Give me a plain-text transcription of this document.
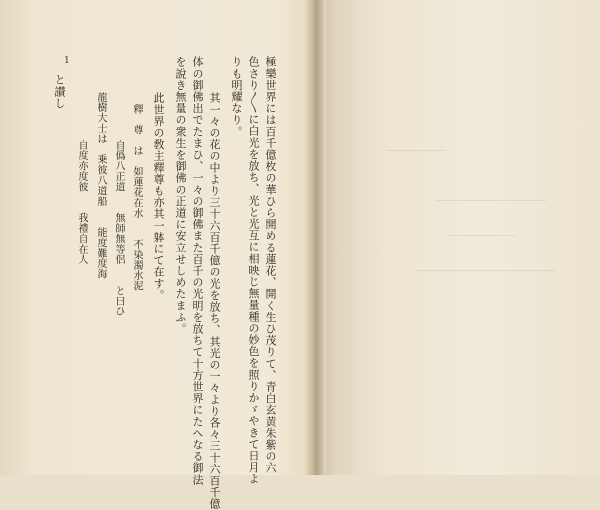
極樂世界には百千億枚の華ひら開める蓮花、開く生ひ茂りて、青白玄黄朱紫の六
色さり〳〵に白光を放ち、光と光互に相映じ無量種の妙色を照りかゞやきて日月よ
りも明耀なり。
其一々の花の中より三十六百千億の光を放ち、其光の一々より各々三十六百千億
体の御佛出でたまひ、一々の御佛また百千の光明を放ちて十方世界にたへなる御法
を說き無量の衆生を御佛の正道に安立せしめたまふ。
此世界の敎主釋尊も亦其一躰にて在す。
釋　尊　は　如蓮花在水　　不染濁水泥
自僞八正道　　無師無等侶　　と曰ひ
龍樹大士は　乗彼八道船　　能度難度海
自度亦度彼　　我禮自在人
と讃し
1
